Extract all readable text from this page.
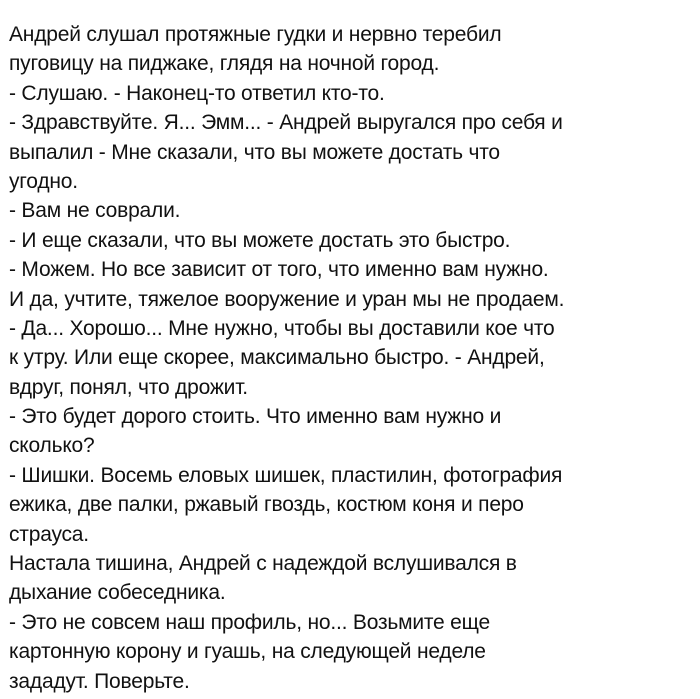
Андрей слушал протяжные гудки и нервно теребил
пуговицу на пиджаке, глядя на ночной город.

- Слушаю. - Наконец-то ответил кто-то.

- Здравствуйте. Я... Эмм... - Андрей выругался про себя и
выпалил - Мне сказали, что вы можете достать что
угодно.

- Вам не соврали.

- И еще сказали, что вы можете достать это быстро.

- Можем. Но все зависит от того, что именно вам нужно.
И да, учтите, тяжелое вооружение и уран мы не продаем.

- Да... Хорошо... Мне нужно, чтобы вы доставили кое что
к утру. Или еще скорее, максимально быстро. - Андрей,
вдруг, понял, что дрожит.

- Это будет дорого стоить. Что именно вам нужно и
сколько?

- Шишки. Восемь еловых шишек, пластилин, фотография
ежика, две палки, ржавый гвоздь, костюм коня и перо
страуса.

Настала тишина, Андрей с надеждой вслушивался в
дыхание собеседника.

- Это не совсем наш профиль, но... Возьмите еще
картонную корону и гуашь, на следующей неделе
зададут. Поверьте.
